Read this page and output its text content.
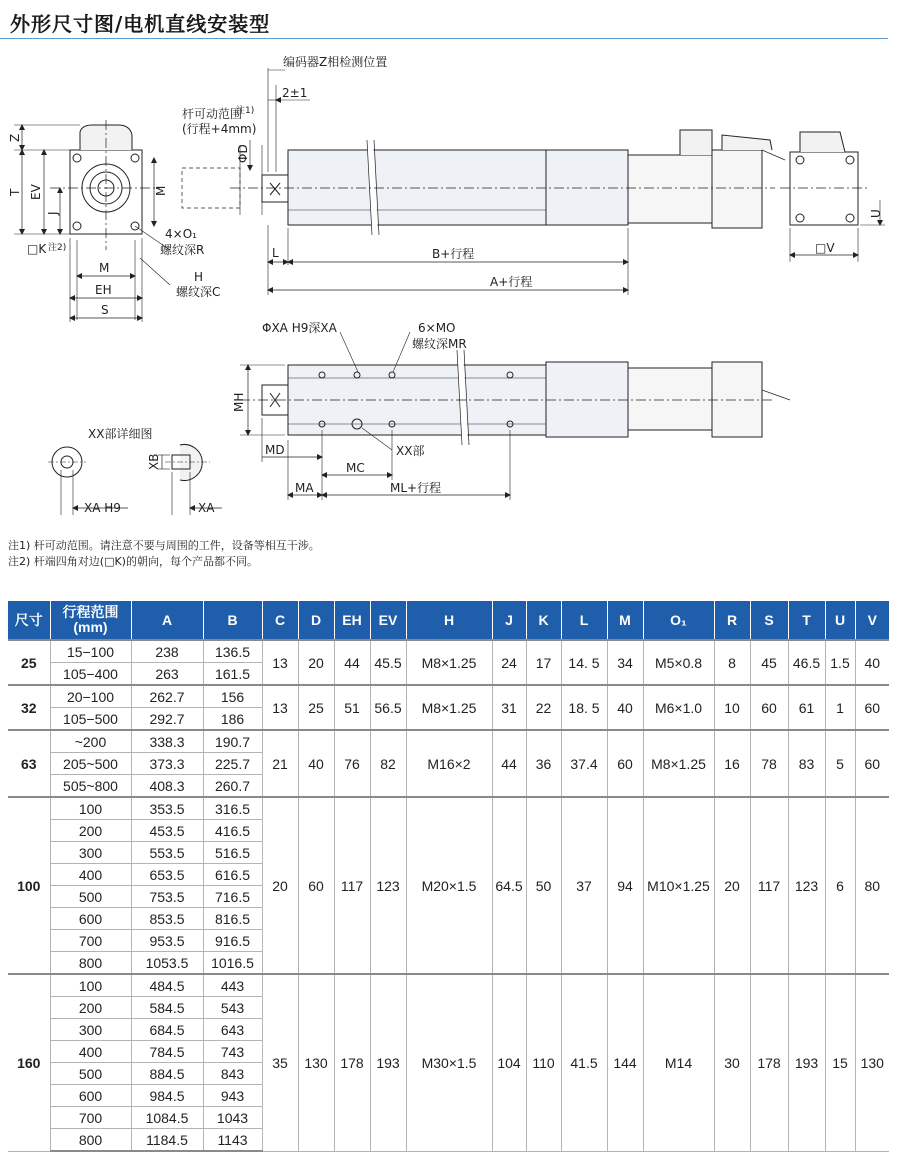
外形尺寸图/电机直线安装型
编码器Z相检测位置
2±1
杆可动范围
注1)
(行程+4mm)
ΦD
Z
T EV
J
M
□K 注2)
4×O₁
螺纹深R
H
螺纹深C
M
EH
S
L	B+行程
A+行程
U
□V
ΦXA H9深XA	6×MO
螺纹深MR
MH
MD
MC
XX部
MA	ML+行程
XX部详细图
XB
XA H9	XA
注1) 杆可动范围。请注意不要与周围的工件，设备等相互干涉。
注2) 杆端四角对边(□K)的朝向，每个产品都不同。
尺寸	行程范围 (mm)	A	B	C	D	EH	EV	H	J	K	L	M	O₁	R	S	T	U	V
25	15−100	238	136.5	13	20	44	45.5	M8×1.25	24	17	14. 5	34	M5×0.8	8	45	46.5	1.5	40
	105−400	263	161.5															
32	20−100	262.7	156	13	25	51	56.5	M8×1.25	31	22	18. 5	40	M6×1.0	10	60	61	1	60
	105−500	292.7	186															
63	~200	338.3	190.7	21	40	76	82	M16×2	44	36	37.4	60	M8×1.25	16	78	83	5	60
	205~500	373.3	225.7															
	505~800	408.3	260.7															
100	100	353.5	316.5	20	60	117	123	M20×1.5	64.5	50	37	94	M10×1.25	20	117	123	6	80
	200	453.5	416.5															
	300	553.5	516.5															
	400	653.5	616.5															
	500	753.5	716.5															
	600	853.5	816.5															
	700	953.5	916.5															
	800	1053.5	1016.5															
160	100	484.5	443	35	130	178	193	M30×1.5	104	110	41.5	144	M14	30	178	193	15	130
	200	584.5	543															
	300	684.5	643															
	400	784.5	743															
	500	884.5	843															
	600	984.5	943															
	700	1084.5	1043															
	800	1184.5	1143															
